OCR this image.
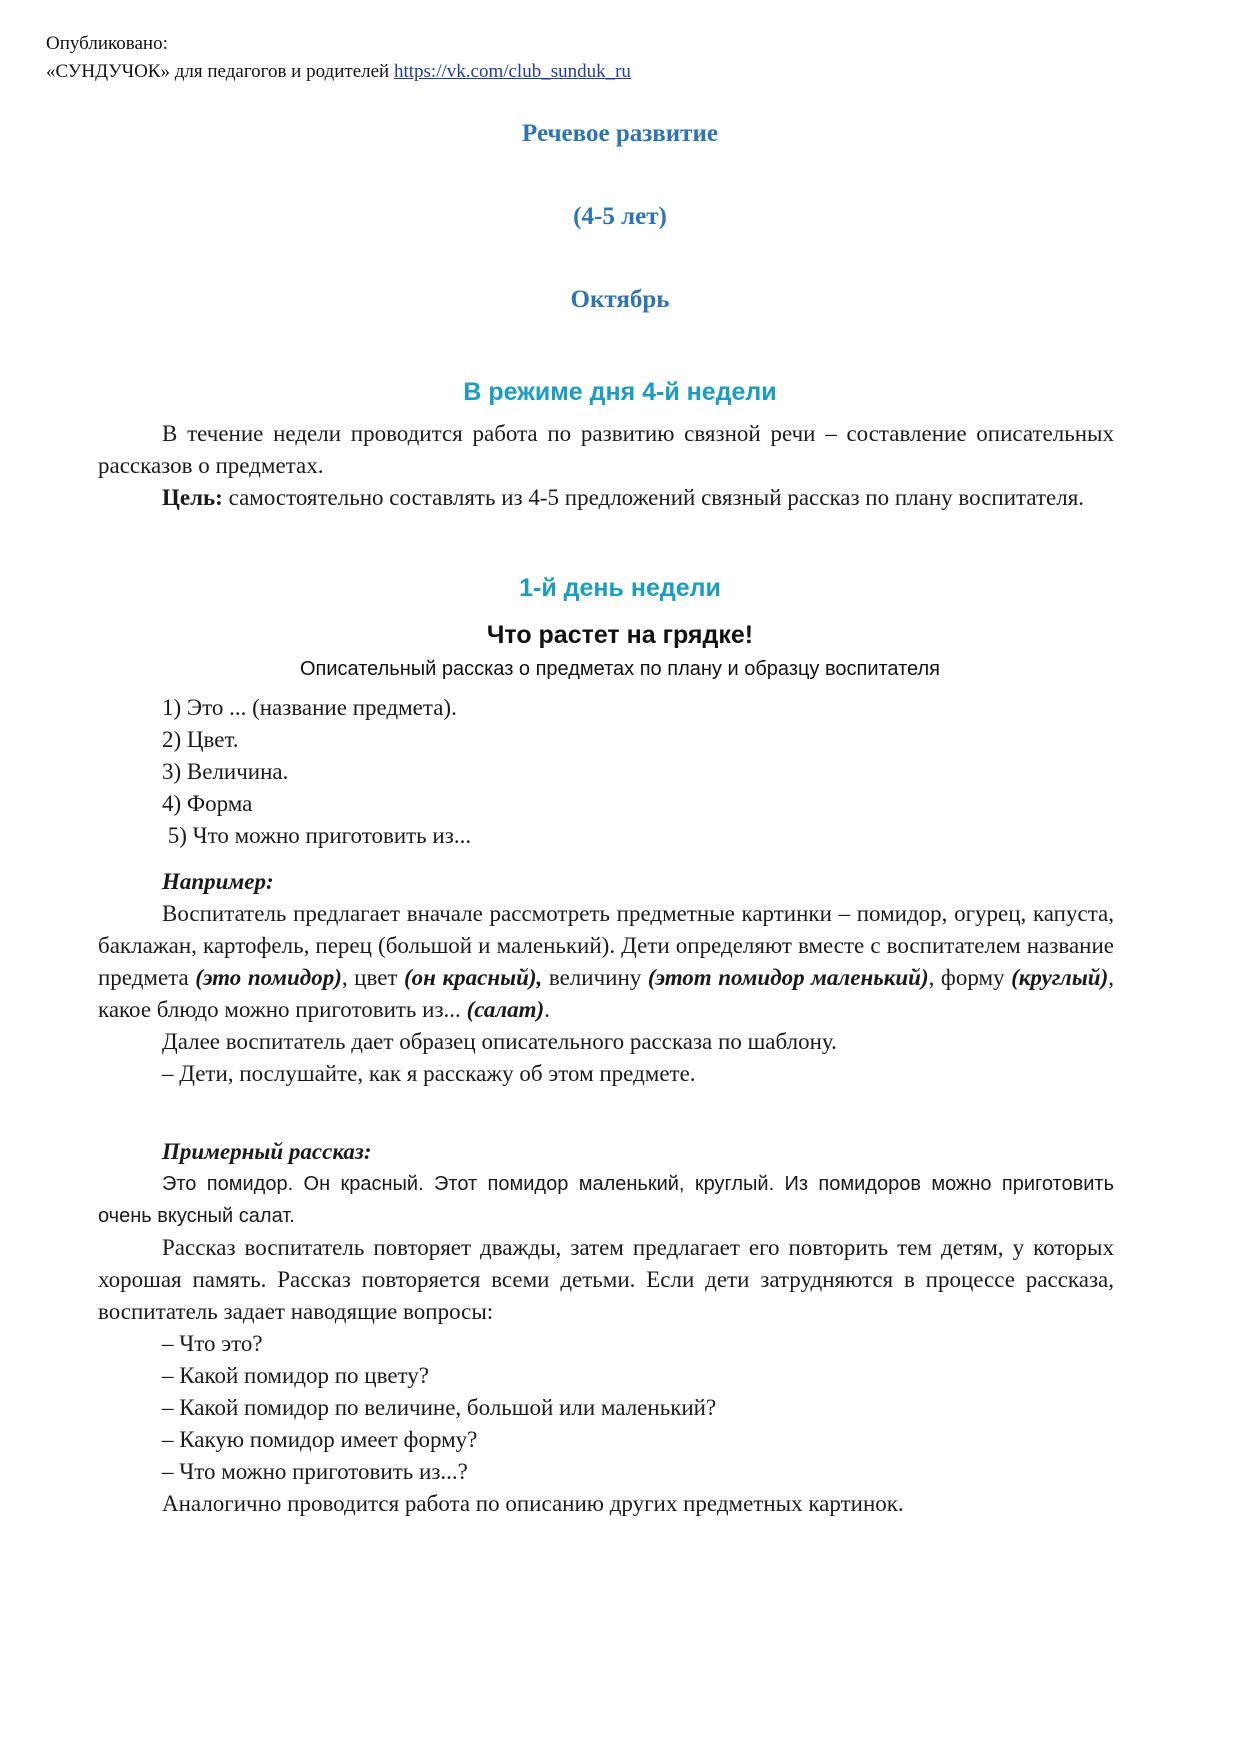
Опубликовано:
«СУНДУЧОК» для педагогов и родителей https://vk.com/club_sunduk_ru
Речевое развитие
(4-5 лет)
Октябрь
В режиме дня 4-й недели

В течение недели проводится работа по развитию связной речи – составление описательных рассказов о предметах.

Цель: самостоятельно составлять из 4-5 предложений связный рассказ по плану воспитателя.

1-й день недели
Что растет на грядке!
Описательный рассказ о предметах по плану и образцу воспитателя
1) Это ... (название предмета).
2) Цвет.
3) Величина.
4) Форма
5) Что можно приготовить из...

Например:

Воспитатель предлагает вначале рассмотреть предметные картинки – помидор, огурец, капуста, баклажан, картофель, перец (большой и маленький). Дети определяют вместе с воспитателем название предмета (это помидор), цвет (он красный), величину (этот помидор маленький), форму (круглый), какое блюдо можно приготовить из... (салат).

Далее воспитатель дает образец описательного рассказа по шаблону.

– Дети, послушайте, как я расскажу об этом предмете.

Примерный рассказ:

Это помидор. Он красный. Этот помидор маленький, круглый. Из помидоров можно приготовить очень вкусный салат.

Рассказ воспитатель повторяет дважды, затем предлагает его повторить тем детям, у которых хорошая память. Рассказ повторяется всеми детьми. Если дети затрудняются в процессе рассказа, воспитатель задает наводящие вопросы:

– Что это?

– Какой помидор по цвету?

– Какой помидор по величине, большой или маленький?

– Какую помидор имеет форму?

– Что можно приготовить из...?

Аналогично проводится работа по описанию других предметных картинок.
